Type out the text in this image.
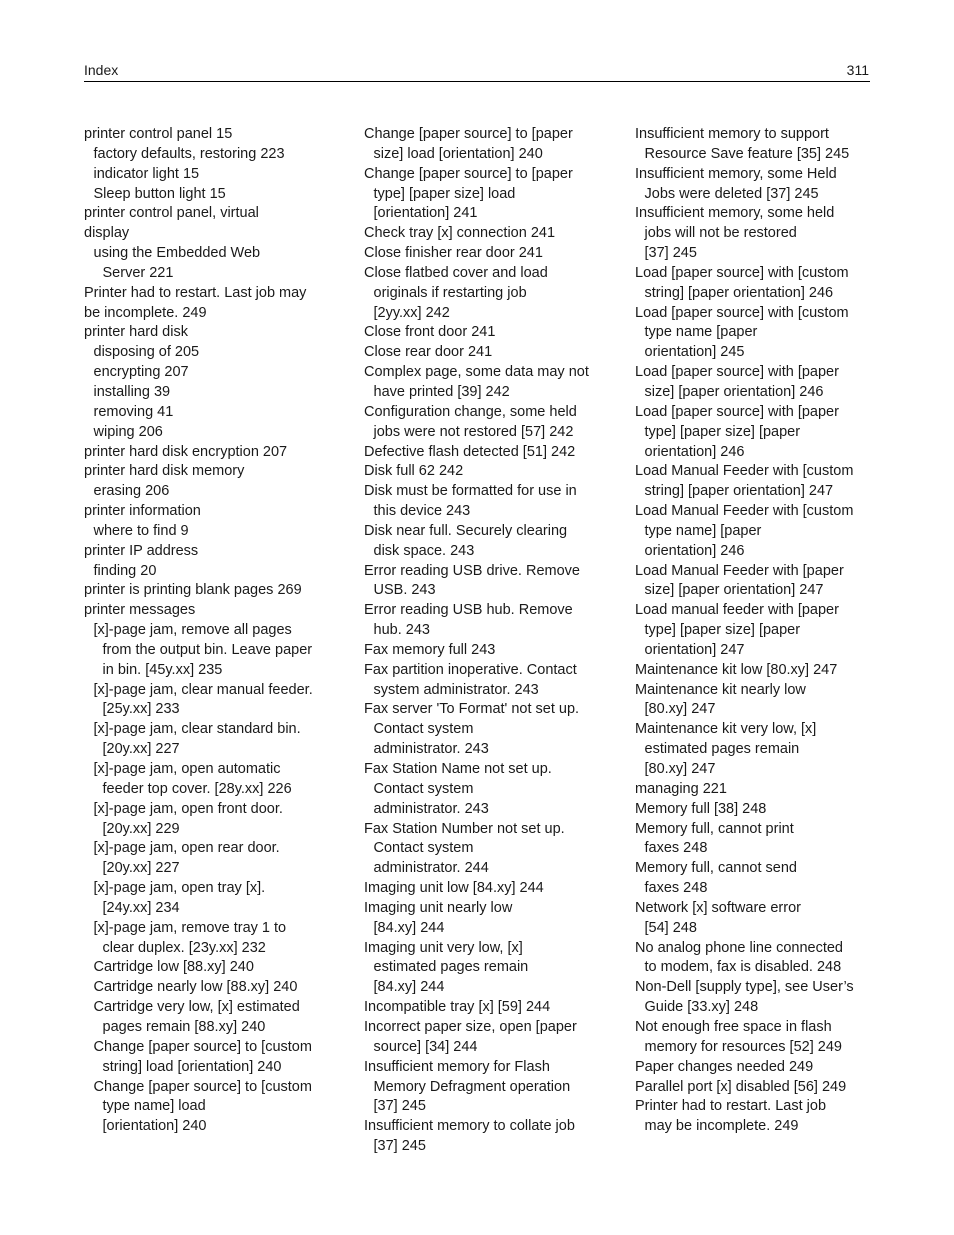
Index	311
printer control panel 15
factory defaults, restoring 223
indicator light 15
Sleep button light 15
printer control panel, virtual
display
using the Embedded Web
Server 221
Printer had to restart. Last job may
be incomplete. 249
printer hard disk
disposing of 205
encrypting 207
installing 39
removing 41
wiping 206
printer hard disk encryption 207
printer hard disk memory
erasing 206
printer information
where to find 9
printer IP address
finding 20
printer is printing blank pages 269
printer messages
[x]‑page jam, remove all pages
from the output bin. Leave paper
in bin. [45y.xx] 235
[x]‑page jam, clear manual feeder.
[25y.xx] 233
[x]‑page jam, clear standard bin.
[20y.xx] 227
[x]‑page jam, open automatic
feeder top cover. [28y.xx] 226
[x]‑page jam, open front door.
[20y.xx] 229
[x]‑page jam, open rear door.
[20y.xx] 227
[x]‑page jam, open tray [x].
[24y.xx] 234
[x]‑page jam, remove tray 1 to
clear duplex. [23y.xx] 232
Cartridge low [88.xy] 240
Cartridge nearly low [88.xy] 240
Cartridge very low, [x] estimated
pages remain [88.xy] 240
Change [paper source] to [custom
string] load [orientation] 240
Change [paper source] to [custom
type name] load
[orientation] 240
Change [paper source] to [paper
size] load [orientation] 240
Change [paper source] to [paper
type] [paper size] load
[orientation] 241
Check tray [x] connection 241
Close finisher rear door 241
Close flatbed cover and load
originals if restarting job
[2yy.xx] 242
Close front door 241
Close rear door 241
Complex page, some data may not
have printed [39] 242
Configuration change, some held
jobs were not restored [57] 242
Defective flash detected [51] 242
Disk full 62 242
Disk must be formatted for use in
this device 243
Disk near full. Securely clearing
disk space. 243
Error reading USB drive. Remove
USB. 243
Error reading USB hub. Remove
hub. 243
Fax memory full 243
Fax partition inoperative. Contact
system administrator. 243
Fax server 'To Format' not set up.
Contact system
administrator. 243
Fax Station Name not set up.
Contact system
administrator. 243
Fax Station Number not set up.
Contact system
administrator. 244
Imaging unit low [84.xy] 244
Imaging unit nearly low
[84.xy] 244
Imaging unit very low, [x]
estimated pages remain
[84.xy] 244
Incompatible tray [x] [59] 244
Incorrect paper size, open [paper
source] [34] 244
Insufficient memory for Flash
Memory Defragment operation
[37] 245
Insufficient memory to collate job
[37] 245
Insufficient memory to support
Resource Save feature [35] 245
Insufficient memory, some Held
Jobs were deleted [37] 245
Insufficient memory, some held
jobs will not be restored
[37] 245
Load [paper source] with [custom
string] [paper orientation] 246
Load [paper source] with [custom
type name [paper
orientation] 245
Load [paper source] with [paper
size] [paper orientation] 246
Load [paper source] with [paper
type] [paper size] [paper
orientation] 246
Load Manual Feeder with [custom
string] [paper orientation] 247
Load Manual Feeder with [custom
type name] [paper
orientation] 246
Load Manual Feeder with [paper
size] [paper orientation] 247
Load manual feeder with [paper
type] [paper size] [paper
orientation] 247
Maintenance kit low [80.xy] 247
Maintenance kit nearly low
[80.xy] 247
Maintenance kit very low, [x]
estimated pages remain
[80.xy] 247
managing 221
Memory full [38] 248
Memory full, cannot print
faxes 248
Memory full, cannot send
faxes 248
Network [x] software error
[54] 248
No analog phone line connected
to modem, fax is disabled. 248
Non‑Dell [supply type], see User’s
Guide [33.xy] 248
Not enough free space in flash
memory for resources [52] 249
Paper changes needed 249
Parallel port [x] disabled [56] 249
Printer had to restart. Last job
may be incomplete. 249
